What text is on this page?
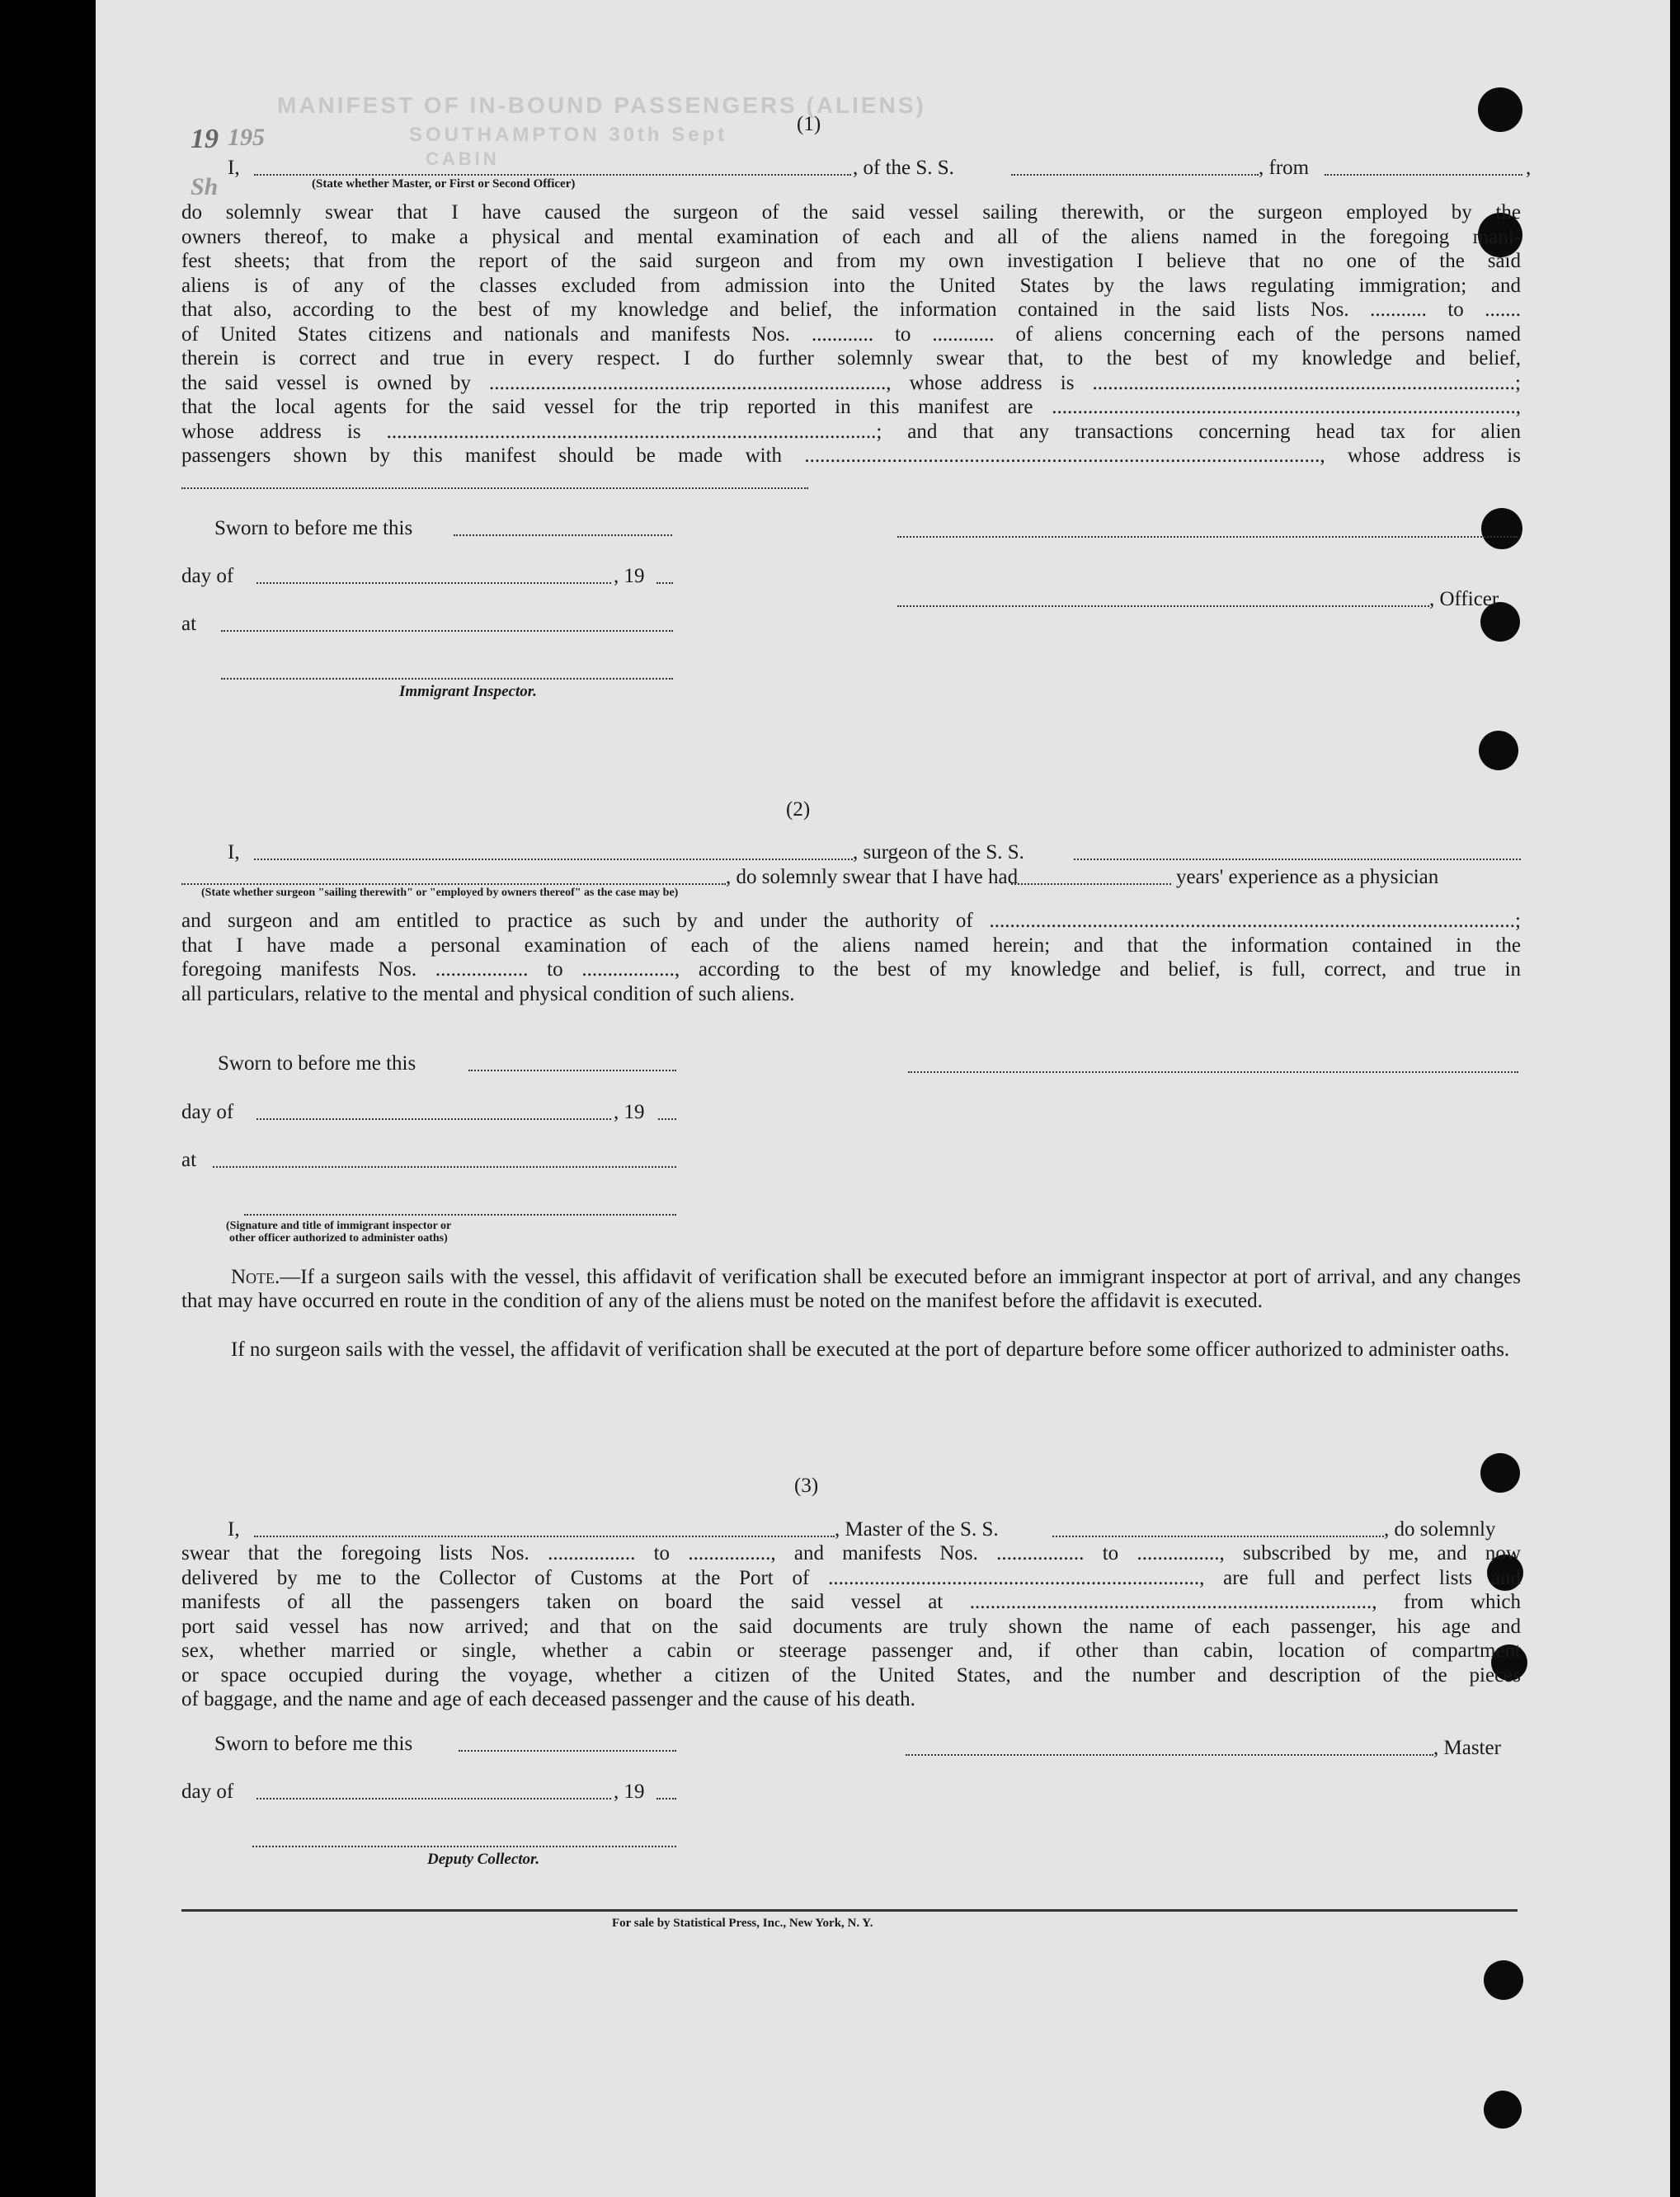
MANIFEST OF IN-BOUND PASSENGERS (ALIENS)
SOUTHAMPTON 30th Sept
CABIN
195
19
Sh
(1)
I,	, of the S. S.	, from	,
(State whether Master, or First or Second Officer)

do solemnly swear that I have caused the surgeon of the said vessel sailing therewith, or the surgeon employed by the

owners thereof, to make a physical and mental examination of each and all of the aliens named in the foregoing mani-

fest sheets; that from the report of the said surgeon and from my own investigation I believe that no one of the said

aliens is of any of the classes excluded from admission into the United States by the laws regulating immigration; and

that also, according to the best of my knowledge and belief, the information contained in the said lists Nos. ........... to .......

of United States citizens and nationals and manifests Nos. ............ to ............ of aliens concerning each of the persons named

therein is correct and true in every respect. I do further solemnly swear that, to the best of my knowledge and belief,

the said vessel is owned by ............................................................................., whose address is ..................................................................................;

that the local agents for the said vessel for the trip reported in this manifest are ..........................................................................................,

whose address is ...............................................................................................; and that any transactions concerning head tax for alien

passengers shown by this manifest should be made with ...................................................................................................., whose address is

Sworn to before me this
day of	, 19
, Officer
at
Immigrant Inspector.
(2)
I,	, surgeon of the S. S.
, do solemnly swear that I have had	years' experience as a physician
(State whether surgeon "sailing therewith" or "employed by owners thereof" as the case may be)

and surgeon and am entitled to practice as such by and under the authority of ......................................................................................................;

that I have made a personal examination of each of the aliens named herein; and that the information contained in the

foregoing manifests Nos. .................. to .................., according to the best of my knowledge and belief, is full, correct, and true in

all particulars, relative to the mental and physical condition of such aliens.

Sworn to before me this
day of	, 19
at
(Signature and title of immigrant inspector or
other officer authorized to administer oaths)
Note.—If a surgeon sails with the vessel, this affidavit of verification shall be executed before an immigrant inspector at port of arrival, and any changes that may have occurred en route in the condition of any of the aliens must be noted on the manifest before the affidavit is executed.
If no surgeon sails with the vessel, the affidavit of verification shall be executed at the port of departure before some officer authorized to administer oaths.
(3)
I,	, Master of the S. S.	, do solemnly

swear that the foregoing lists Nos. ................. to ................, and manifests Nos. ................. to ................, subscribed by me, and now

delivered by me to the Collector of Customs at the Port of ........................................................................, are full and perfect lists and

manifests of all the passengers taken on board the said vessel at .............................................................................., from which

port said vessel has now arrived; and that on the said documents are truly shown the name of each passenger, his age and

sex, whether married or single, whether a cabin or steerage passenger and, if other than cabin, location of compartment

or space occupied during the voyage, whether a citizen of the United States, and the number and description of the pieces

of baggage, and the name and age of each deceased passenger and the cause of his death.

Sworn to before me this	, Master
day of	, 19
Deputy Collector.
For sale by Statistical Press, Inc., New York, N. Y.
